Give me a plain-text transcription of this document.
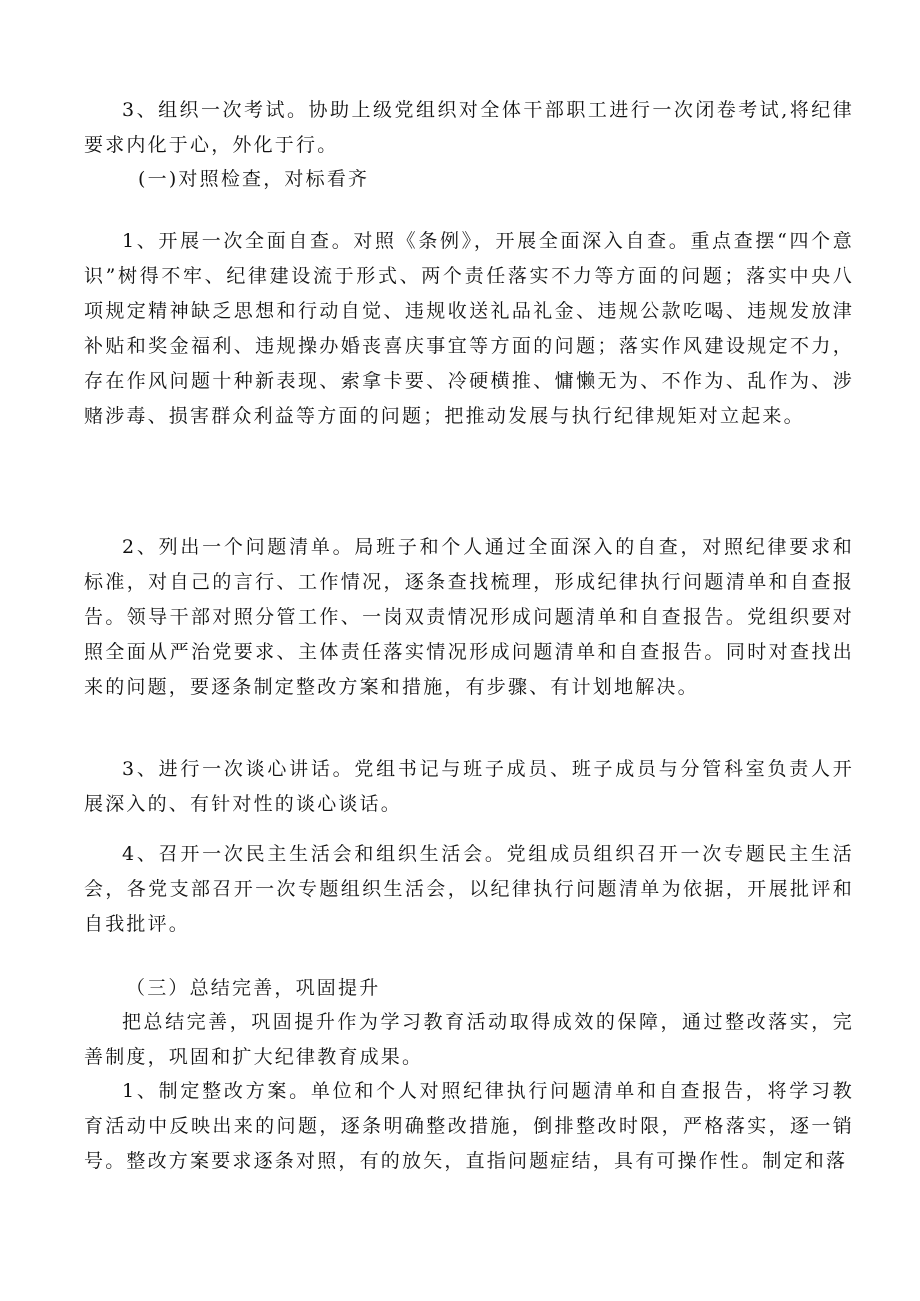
3、组织一次考试。协助上级党组织对全体干部职工进行一次闭卷考试,将纪律要求内化于心，外化于行。

(一)对照检查，对标看齐

1、开展一次全面自查。对照《条例》，开展全面深入自查。重点查摆“四个意识”树得不牢、纪律建设流于形式、两个责任落实不力等方面的问题；落实中央八项规定精神缺乏思想和行动自觉、违规收送礼品礼金、违规公款吃喝、违规发放津补贴和奖金福利、违规操办婚丧喜庆事宜等方面的问题；落实作风建设规定不力，存在作风问题十种新表现、索拿卡要、冷硬横推、慵懒无为、不作为、乱作为、涉赌涉毒、损害群众利益等方面的问题；把推动发展与执行纪律规矩对立起来。

2、列出一个问题清单。局班子和个人通过全面深入的自查，对照纪律要求和标准，对自己的言行、工作情况，逐条查找梳理，形成纪律执行问题清单和自查报告。领导干部对照分管工作、一岗双责情况形成问题清单和自查报告。党组织要对照全面从严治党要求、主体责任落实情况形成问题清单和自查报告。同时对查找出来的问题，要逐条制定整改方案和措施，有步骤、有计划地解决。

3、进行一次谈心讲话。党组书记与班子成员、班子成员与分管科室负责人开展深入的、有针对性的谈心谈话。

4、召开一次民主生活会和组织生活会。党组成员组织召开一次专题民主生活会，各党支部召开一次专题组织生活会，以纪律执行问题清单为依据，开展批评和自我批评。

（三）总结完善，巩固提升

把总结完善，巩固提升作为学习教育活动取得成效的保障，通过整改落实，完善制度，巩固和扩大纪律教育成果。

1、制定整改方案。单位和个人对照纪律执行问题清单和自查报告，将学习教育活动中反映出来的问题，逐条明确整改措施，倒排整改时限，严格落实，逐一销号。整改方案要求逐条对照，有的放矢，直指问题症结，具有可操作性。制定和落
